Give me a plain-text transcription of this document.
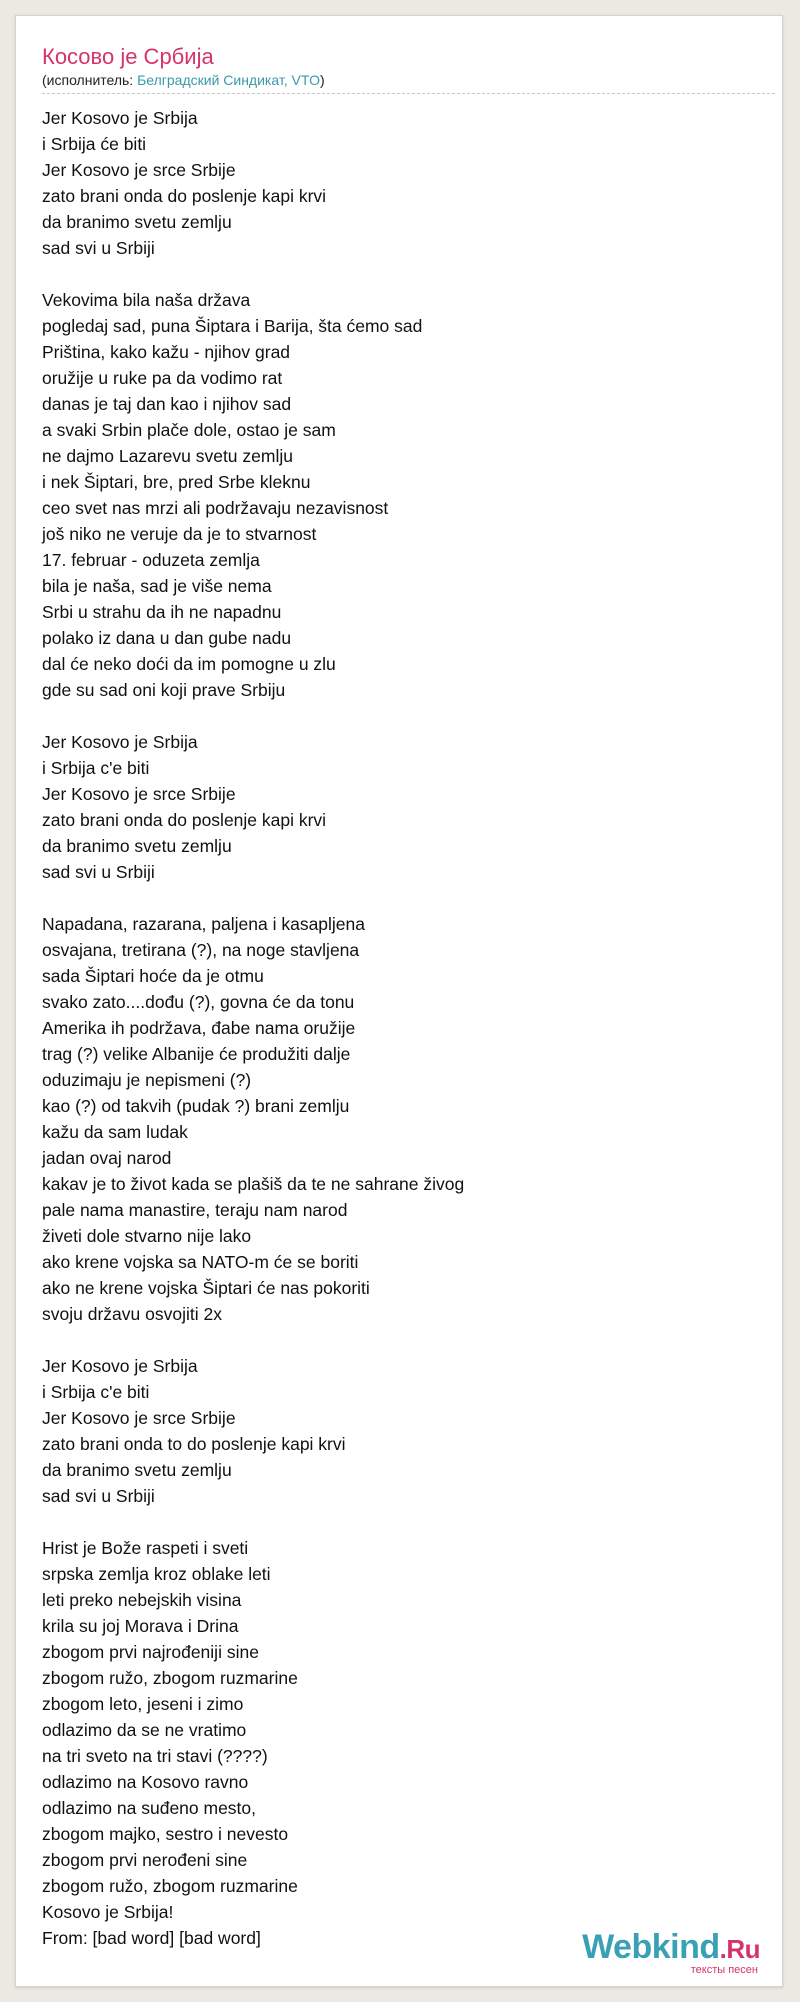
Косово je Србија
(исполнитель: Белградский Синдикат, VTO)
Jer Kosovo je Srbija
i Srbija će biti
Jer Kosovo je srce Srbije
zato brani onda do poslenje kapi krvi
da branimo svetu zemlju
sad svi u Srbiji
Vekovima bila naša država
pogledaj sad, puna Šiptara i Barija, šta ćemo sad
Priština, kako kažu - njihov grad
oružije u ruke pa da vodimo rat
danas je taj dan kao i njihov sad
a svaki Srbin plače dole, ostao je sam
ne dajmo Lazarevu svetu zemlju
i nek Šiptari, bre, pred Srbe kleknu
ceo svet nas mrzi ali podržavaju nezavisnost
još niko ne veruje da je to stvarnost
17. februar - oduzeta zemlja
bila je naša, sad je više nema
Srbi u strahu da ih ne napadnu
polako iz dana u dan gube nadu
dal će neko doći da im pomogne u zlu
gde su sad oni koji prave Srbiju
Jer Kosovo je Srbija
i Srbija c'e biti
Jer Kosovo je srce Srbije
zato brani onda do poslenje kapi krvi
da branimo svetu zemlju
sad svi u Srbiji
Napadana, razarana, paljena i kasapljena
osvajana, tretirana (?), na noge stavljena
sada Šiptari hoće da je otmu
svako zato....dođu (?), govna će da tonu
Amerika ih podržava, đabe nama oružije
trag (?) velike Albanije će produžiti dalje
oduzimaju je nepismeni (?)
kao (?) od takvih (pudak ?) brani zemlju
kažu da sam ludak
jadan ovaj narod
kakav je to život kada se plašiš da te ne sahrane živog
pale nama manastire, teraju nam narod
živeti dole stvarno nije lako
ako krene vojska sa NATO-m će se boriti
ako ne krene vojska Šiptari će nas pokoriti
svoju državu osvojiti 2x
Jer Kosovo je Srbija
i Srbija c'e biti
Jer Kosovo je srce Srbije
zato brani onda to do poslenje kapi krvi
da branimo svetu zemlju
sad svi u Srbiji
Hrist je Bože raspeti i sveti
srpska zemlja kroz oblake leti
leti preko nebejskih visina
krila su joj Morava i Drina
zbogom prvi najrođeniji sine
zbogom ružo, zbogom ruzmarine
zbogom leto, jeseni i zimo
odlazimo da se ne vratimo
na tri sveto na tri stavi (????)
odlazimo na Kosovo ravno
odlazimo na suđeno mesto,
zbogom majko, sestro i nevesto
zbogom prvi nerođeni sine
zbogom ružo, zbogom ruzmarine
Kosovo je Srbija!
From: [bad word] [bad word]	Webkind.Ru
тексты песен
